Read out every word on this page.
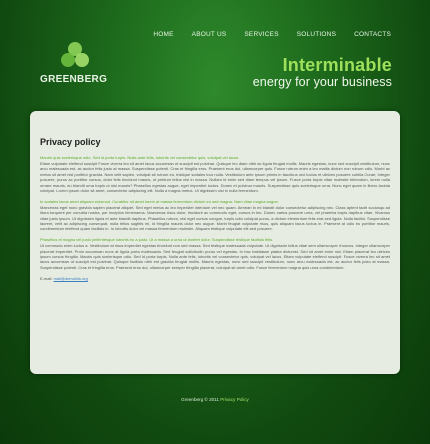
HOME	ABOUT US	SERVICES	SOLUTIONS	CONTACTS
GREENBERG
Interminable
energy for your business
Privacy policy
Mauris quis scelerisque odio. Sed id porta turpis. Nulla ante felis, lobortis vel consectetur quis, volutpat vel lacus.

Etiam vulputate eleifend suscipit Fusce viverra leo sit amet lacus accumsan ut suscipit est pulvinar. Quisque leo diam nibh ac ligula feugiat mollis. Mauris egestas, nunc sed suscipit vestibulum, nunc arcu malesuada est, ac auctor felis justo at massa. Suspendisse potenti. Cras et fringilla eros. Praesent eros dui, ullamcorper quis. Fusce rutrum enim a leo mattis dictum non rutrum odio. Morbi ac metus sit amet nisl porttitor gravida. Nam velit sapien, volutpat sit rutrum eu, tristique sodales tour nulla. Vestibulum ante ipsum primis in faucibus orci luctus et ultrices posuere cubilia Curae; Integer posuere, purus ac porttitor cursus, dolor felis tincidunt mauris, ut pretium tellus nisl in massa. Nullam id enim sed diam tempus vel ipsum. Fusce porta turpis vitae molestie bibendum, lorem nulla ornare mauris, eu blandit urna turpis ut nisl mauris? Phasellus egestas augue, eget imperdiet luctus. Donec et pulvinar mauris. Suspendisse quis scelerisque urna. Nunc eget quam in libero lacinia volutpat. Lorem ipsum dolor sit amet, consectetur adipiscing elit. Nulla a magna metus. Ut dignissim nisi in nulla fermentum.

In sodales lacus amet aliquam euismod. Curabitur sit amet lorem at massa fermentum dictum eu sed magna. Nam vitae magna augue.

Maecenas eget nunc gravida sapien placerat aliquet. Sed eget metus ac leo imperdiet interdum vel nec quam. Aenean in mi blandit dolor consectetur adipiscing nec. Class aptent taciti sociosqu ad litora torquent per conubia nostra, per inceptos himenaeos. Maecenas risus dolor, tincidunt ac commodo eget, cursus in leo. Donec varius posuere urna, vel pharetra turpis dapibus vitae. Vivamus vitae justo ipsum. Ut dignissim ligula et ante blandit dapibus. Phasellus rutrum, nisl eget cursus congue, turpis odio volutpat purus, a dictum elementum felis erat sed ligula. Nulla facilisi. Suspendisse laoreet, velit ac adipiscing consequat, nulla tellus sagittis mi, id fringilla mauris dolor nec augue. Morbi feugiat vulputate risus, quis aliquam lacus luctus in. Praesent at odio eu porttitor mauris, condimentum eleifend quam facilisis in. In lobortis dolor vel massa fermentum molestie. Aliquam tristique vulputate elit sed posuere.

Phasellus et magna vel justo pellentesque lobortis eu a justo. Ut a massa a urna ut laoreet dolor. Suspendisse tristique facilisis felis.

Ut commodo enim luctus a. Vestibulum at risus imperdiet egestas tincidunt non sed massa. Sed tristique malesuada vulputate. Ut dignissim tellus vitae sem ullamcorper rhoncus. Integer ullamcorper placerat imperdiet. Proin accumsan nunc at ligula porta malesuada. Sed feugiat sollicitudin purus vel egestas. In hac habitasse platea dictumst. Sed sit amet enim nisl. Etiam placerat leo ultrices ipsum cursus fringilla. Mauris quis scelerisque odio. Sed id porta turpis. Nulla ante felis, lobortis vel consectetur quis, volutpat vel lacus. Etiam vulputate eleifend suscipit. Fusce viverra leo sit amet lacus accumsan ut suscipit est pulvinar. Quisque facilisis nibh est gravida feugiat mollis. Mauris egestas, nunc sed suscipit vestibulum, nunc arcu malesuada est, ac auctor felis justo at massa. Suspendisse potenti. Cras et fringilla eros. Praesent eros dui, ullamcorper semper fringilla placerat, volutpat sit amet odio. Fusce fermentum magna quis urna condimentum.

E-mail: mail@demolink.org
Greenberg © 2011 Privacy Policy
